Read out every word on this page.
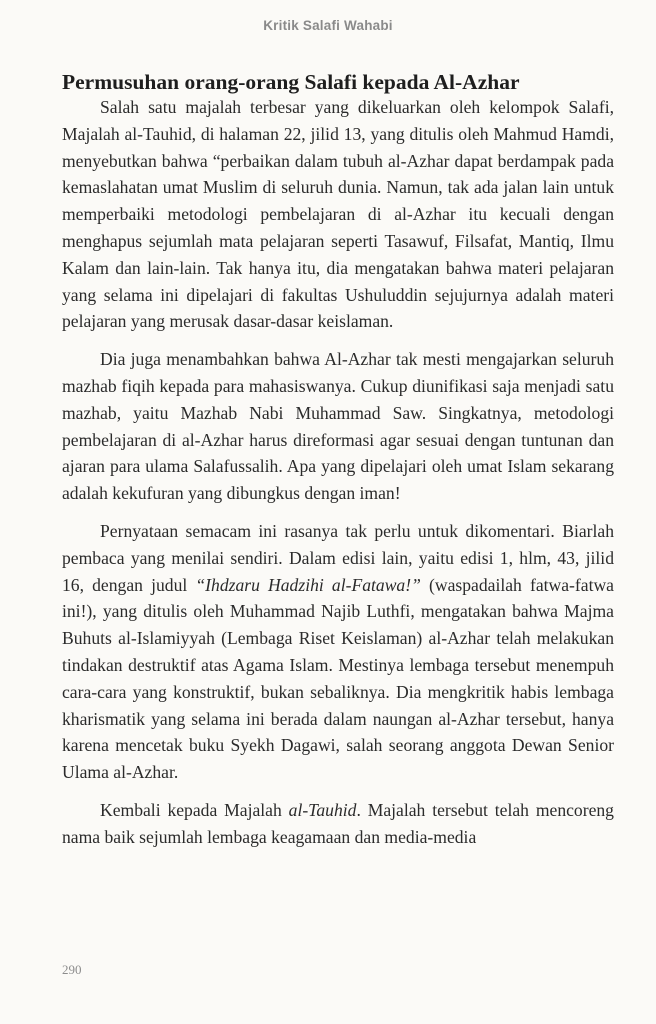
Kritik Salafi Wahabi
Permusuhan orang-orang Salafi kepada Al-Azhar

Salah satu majalah terbesar yang dikeluarkan oleh kelompok Salafi, Majalah al-Tauhid, di halaman 22, jilid 13, yang ditulis oleh Mahmud Hamdi, menyebutkan bahwa “perbaikan dalam tubuh al-Azhar dapat berdampak pada kemaslahatan umat Muslim di seluruh dunia. Namun, tak ada jalan lain untuk memperbaiki metodologi pembelajaran di al-Azhar itu kecuali dengan menghapus sejumlah mata pelajaran seperti Tasawuf, Filsafat, Mantiq, Ilmu Kalam dan lain-lain. Tak hanya itu, dia mengatakan bahwa materi pelajaran yang selama ini dipelajari di fakultas Ushuluddin sejujurnya adalah materi pelajaran yang merusak dasar-dasar keislaman.

Dia juga menambahkan bahwa Al-Azhar tak mesti mengajarkan seluruh mazhab fiqih kepada para mahasiswanya. Cukup diunifikasi saja menjadi satu mazhab, yaitu Mazhab Nabi Muhammad Saw. Singkatnya, metodologi pembelajaran di al-Azhar harus direformasi agar sesuai dengan tuntunan dan ajaran para ulama Salafussalih. Apa yang dipelajari oleh umat Islam sekarang adalah kekufuran yang dibungkus dengan iman!

Pernyataan semacam ini rasanya tak perlu untuk dikomentari. Biarlah pembaca yang menilai sendiri. Dalam edisi lain, yaitu edisi 1, hlm, 43, jilid 16, dengan judul “Ihdzaru Hadzihi al-Fatawa!” (waspadailah fatwa-fatwa ini!), yang ditulis oleh Muhammad Najib Luthfi, mengatakan bahwa Majma Buhuts al-Islamiyyah (Lembaga Riset Keislaman) al-Azhar telah melakukan tindakan destruktif atas Agama Islam. Mestinya lembaga tersebut menempuh cara-cara yang konstruktif, bukan sebaliknya. Dia mengkritik habis lembaga kharismatik yang selama ini berada dalam naungan al-Azhar tersebut, hanya karena mencetak buku Syekh Dagawi, salah seorang anggota Dewan Senior Ulama al-Azhar.

Kembali kepada Majalah al-Tauhid. Majalah tersebut telah mencoreng nama baik sejumlah lembaga keagamaan dan media-media

290
